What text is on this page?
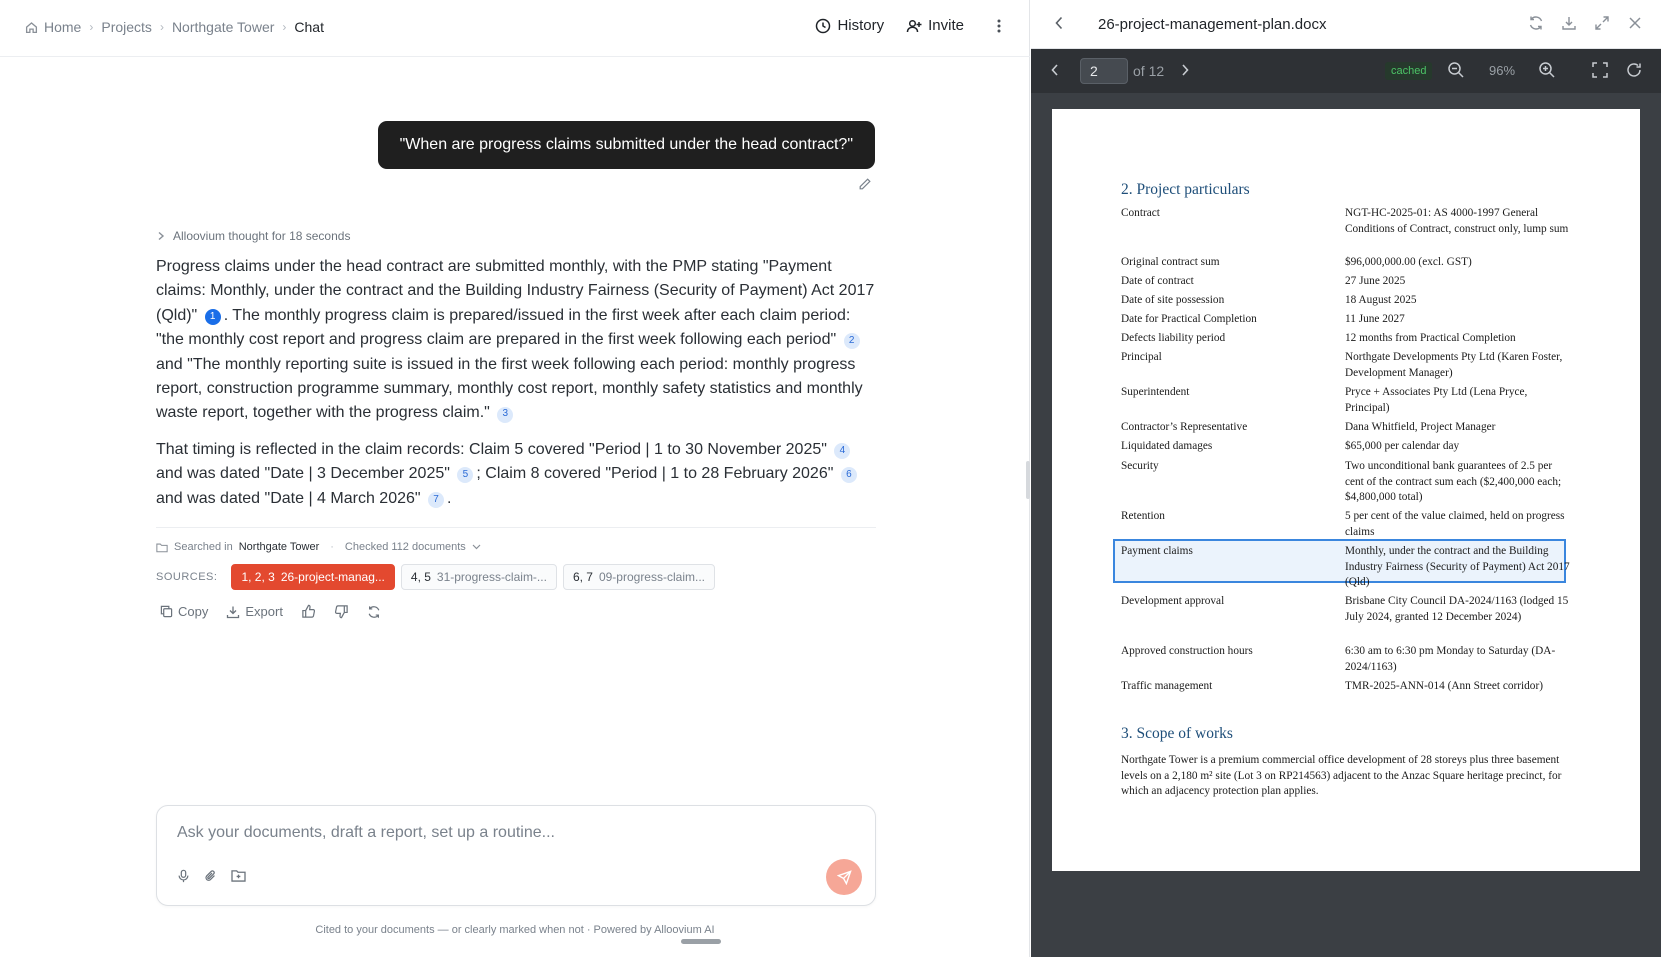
Home › Projects › Northgate Tower › Chat	History	Invite
"When are progress claims submitted under the head contract?"
Alloovium thought for 18 seconds

Progress claims under the head contract are submitted monthly, with the PMP stating "Payment claims: Monthly, under the contract and the Building Industry Fairness (Security of Payment) Act 2017 (Qld)" 1 . The monthly progress claim is prepared/issued in the first week after each claim period: "the monthly cost report and progress claim are prepared in the first week following each period" 2 and "The monthly reporting suite is issued in the first week following each period: monthly progress report, construction programme summary, monthly cost report, monthly safety statistics and monthly waste report, together with the progress claim." 3

That timing is reflected in the claim records: Claim 5 covered "Period | 1 to 30 November 2025" 4 and was dated "Date | 3 December 2025" 5 ; Claim 8 covered "Period | 1 to 28 February 2026" 6 and was dated "Date | 4 March 2026" 7 .

Searched in Northgate Tower · Checked 112 documents
SOURCES: 1, 2, 3 26-project-manag... 4, 5 31-progress-claim-... 6, 7 09-progress-claim...
Copy	Export
Ask your documents, draft a report, set up a routine...
Cited to your documents — or clearly marked when not · Powered by Alloovium AI
26-project-management-plan.docx
2
of 12	cached	96%
2. Project particulars
Contract	NGT-HC-2025-01: AS 4000-1997 General Conditions of Contract, construct only, lump sum
Original contract sum	$96,000,000.00 (excl. GST)
Date of contract	27 June 2025
Date of site possession	18 August 2025
Date for Practical Completion	11 June 2027
Defects liability period	12 months from Practical Completion
Principal	Northgate Developments Pty Ltd (Karen Foster, Development Manager)
Superintendent	Pryce + Associates Pty Ltd (Lena Pryce, Principal)
Contractor’s Representative	Dana Whitfield, Project Manager
Liquidated damages	$65,000 per calendar day
Security	Two unconditional bank guarantees of 2.5 per cent of the contract sum each ($2,400,000 each; $4,800,000 total)
Retention	5 per cent of the value claimed, held on progress claims
Payment claims	Monthly, under the contract and the Building Industry Fairness (Security of Payment) Act 2017 (Qld)
Development approval	Brisbane City Council DA-2024/1163 (lodged 15 July 2024, granted 12 December 2024)
Approved construction hours	6:30 am to 6:30 pm Monday to Saturday (DA-2024/1163)
Traffic management	TMR-2025-ANN-014 (Ann Street corridor)
3. Scope of works
Northgate Tower is a premium commercial office development of 28 storeys plus three basement levels on a 2,180 m² site (Lot 3 on RP214563) adjacent to the Anzac Square heritage precinct, for which an adjacency protection plan applies.
